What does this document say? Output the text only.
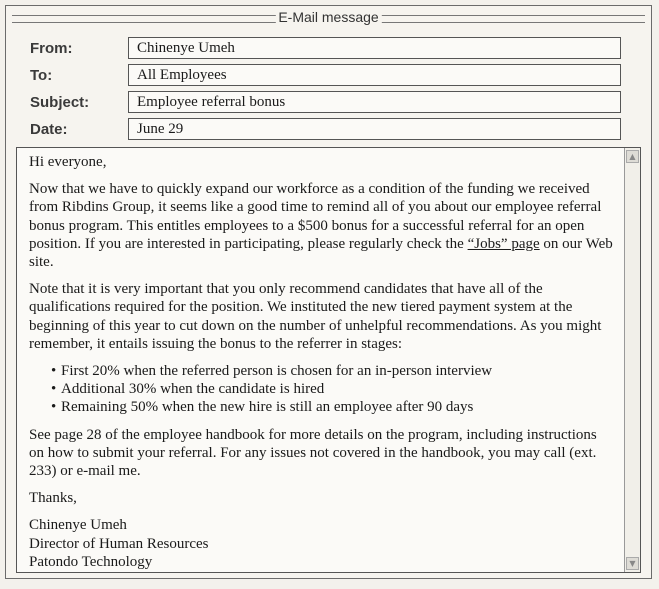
E-Mail message
From:	Chinenye Umeh
To:	All Employees
Subject:	Employee referral bonus
Date:	June 29

Hi everyone,

Now that we have to quickly expand our workforce as a condition of the funding we received from Ribdins Group, it seems like a good time to remind all of you about our employee referral bonus program. This entitles employees to a $500 bonus for a successful referral for an open position. If you are interested in participating, please regularly check the “Jobs” page on our Web site.

Note that it is very important that you only recommend candidates that have all of the qualifications required for the position. We instituted the new tiered payment system at the beginning of this year to cut down on the number of unhelpful recommendations. As you might remember, it entails issuing the bonus to the referrer in stages:

• First 20% when the referred person is chosen for an in-person interview
• Additional 30% when the candidate is hired
• Remaining 50% when the new hire is still an employee after 90 days

See page 28 of the employee handbook for more details on the program, including instructions on how to submit your referral. For any issues not covered in the handbook, you may call (ext. 233) or e-mail me.

Thanks,

Chinenye Umeh
Director of Human Resources
Patondo Technology

▲
▼
